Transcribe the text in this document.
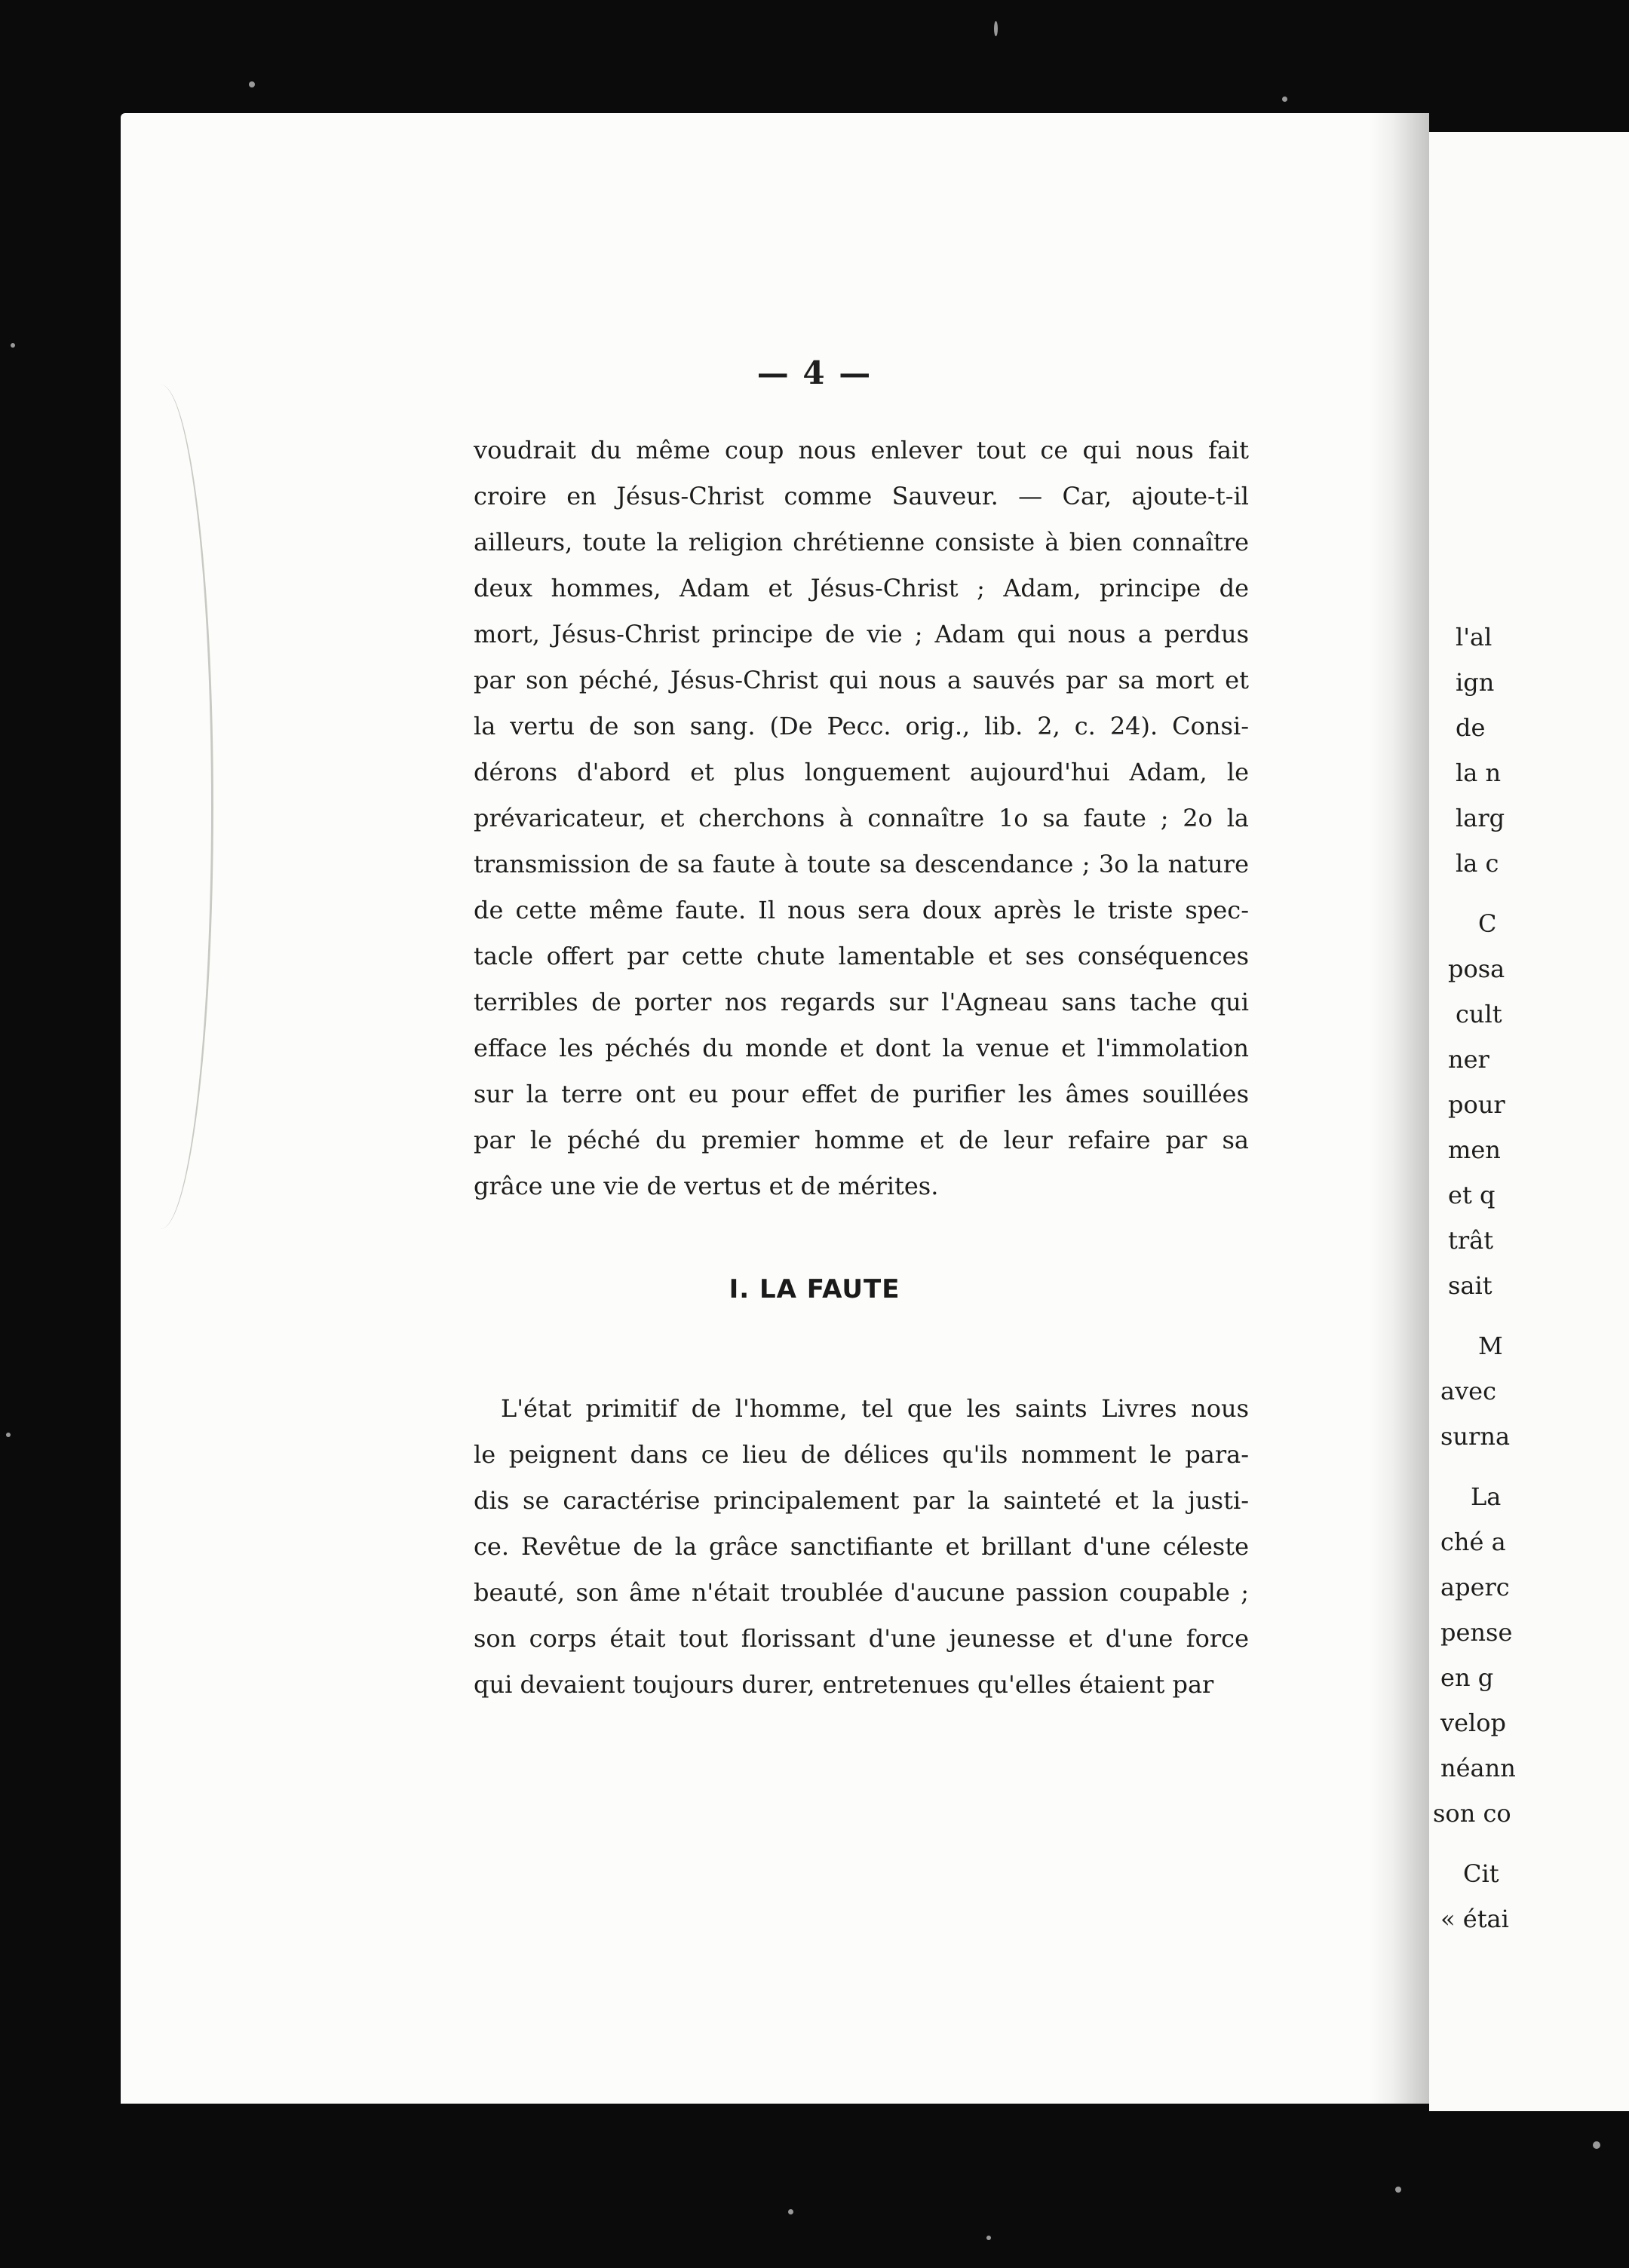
l'al
ign
de
la n
larg
la c
C
posa
cult
ner
pour
men
et q
trât
sait
M
avec
surna
La
ché a
aperc
pense
en g
velop
néann
son co
Cit
« étai
— 4 —
voudrait du même coup nous enlever tout ce qui nous fait
croire en Jésus-Christ comme Sauveur. — Car, ajoute-t-il
ailleurs, toute la religion chrétienne consiste à bien connaître
deux hommes, Adam et Jésus-Christ ; Adam, principe de
mort, Jésus-Christ principe de vie ; Adam qui nous a perdus
par son péché, Jésus-Christ qui nous a sauvés par sa mort et
la vertu de son sang. (De Pecc. orig., lib. 2, c. 24). Consi-
dérons d'abord et plus longuement aujourd'hui Adam, le
prévaricateur, et cherchons à connaître 1o sa faute ; 2o la
transmission de sa faute à toute sa descendance ; 3o la nature
de cette même faute. Il nous sera doux après le triste spec-
tacle offert par cette chute lamentable et ses conséquences
terribles de porter nos regards sur l'Agneau sans tache qui
efface les péchés du monde et dont la venue et l'immolation
sur la terre ont eu pour effet de purifier les âmes souillées
par le péché du premier homme et de leur refaire par sa
grâce une vie de vertus et de mérites.
I. LA FAUTE
L'état primitif de l'homme, tel que les saints Livres nous
le peignent dans ce lieu de délices qu'ils nomment le para-
dis se caractérise principalement par la sainteté et la justi-
ce. Revêtue de la grâce sanctifiante et brillant d'une céleste
beauté, son âme n'était troublée d'aucune passion coupable ;
son corps était tout florissant d'une jeunesse et d'une force
qui devaient toujours durer, entretenues qu'elles étaient par
